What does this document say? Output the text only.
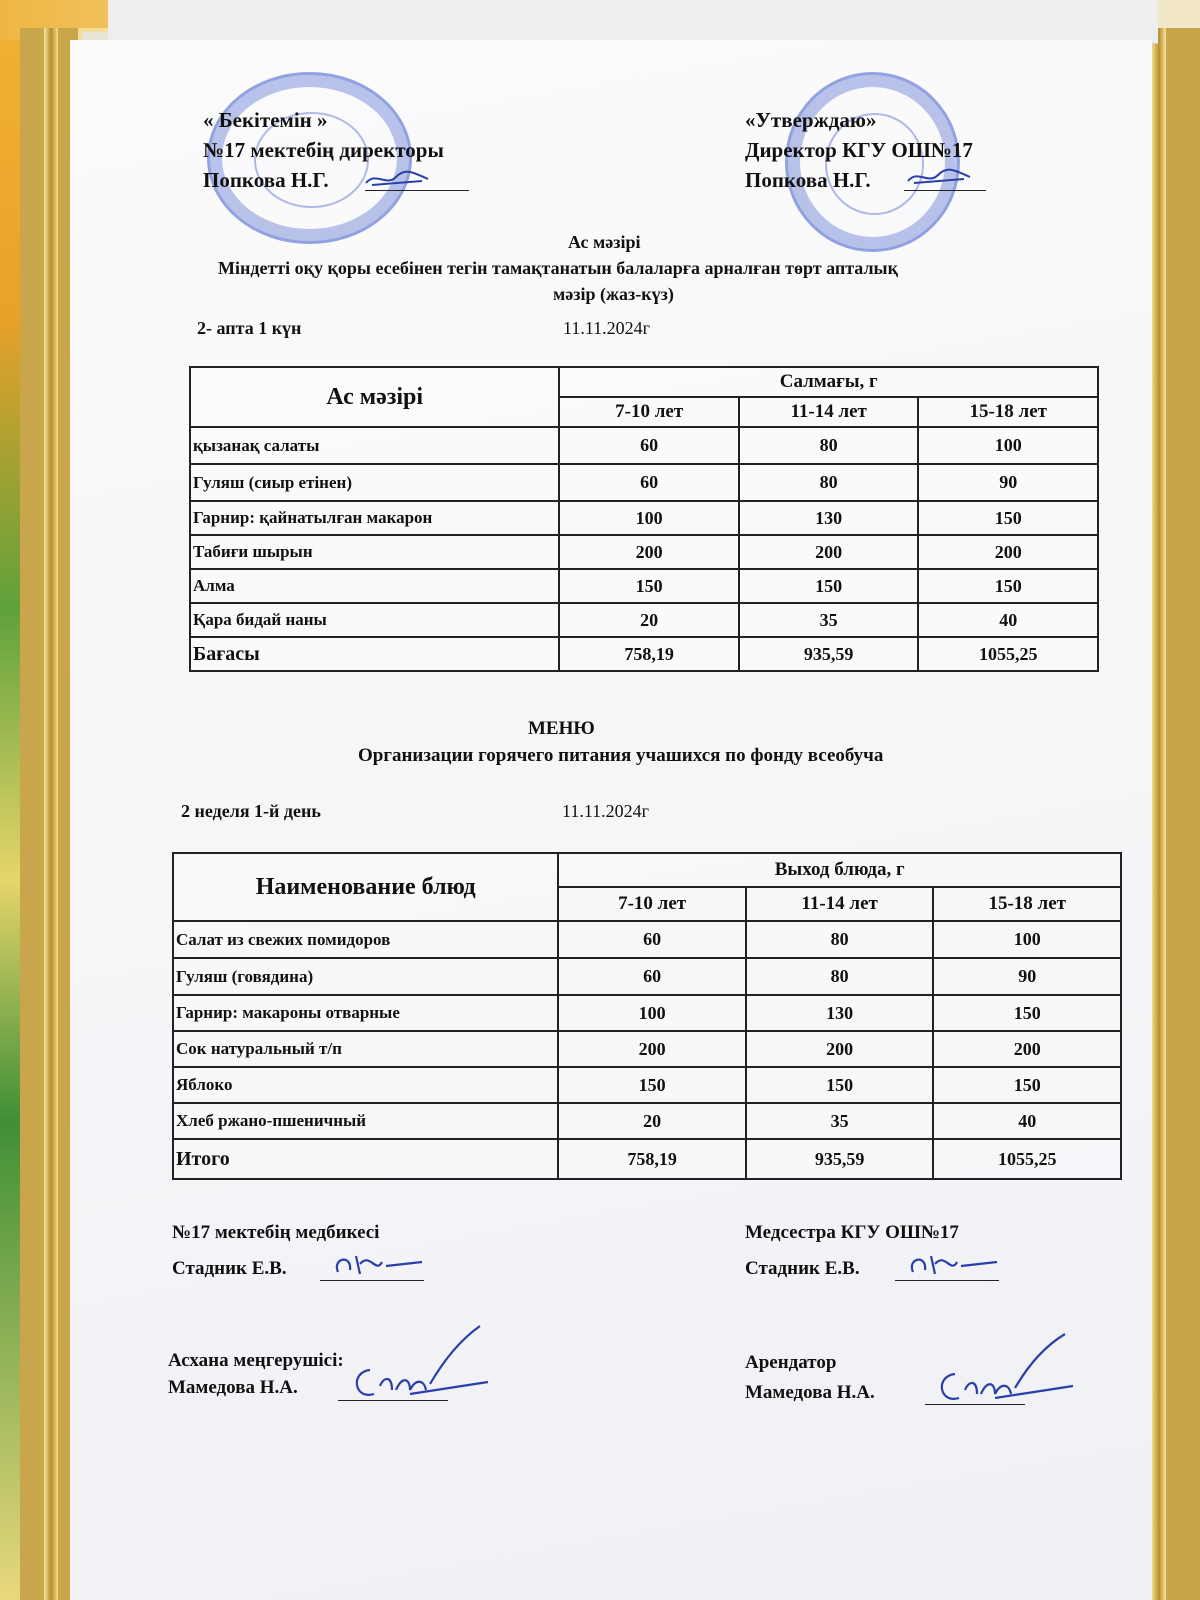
« Бекітемін »
№17 мектебің директоры
Попкова Н.Г.
«Утверждаю»
Директор КГУ ОШ№17
Попкова Н.Г.
Ас мәзірі
Міндетті оқу қоры есебінен тегін тамақтанатын балаларға арналған төрт апталық
мәзір (жаз-күз)
2- апта 1 күн	11.11.2024г
Ас мәзірі	Салмағы, г		
	7-10 лет	11-14 лет	15-18 лет
қызанақ салаты	60	80	100
Гуляш (сиыр етінен)	60	80	90
Гарнир: қайнатылған макарон	100	130	150
Табиғи шырын	200	200	200
Алма	150	150	150
Қара бидай наны	20	35	40
Бағасы	758,19	935,59	1055,25
МЕНЮ
Организации горячего питания учашихся по фонду всеобуча
2 неделя 1-й день	11.11.2024г
Наименование блюд	Выход блюда, г		
	7-10 лет	11-14 лет	15-18 лет
Салат из свежих помидоров	60	80	100
Гуляш (говядина)	60	80	90
Гарнир: макароны отварные	100	130	150
Сок натуральный т/п	200	200	200
Яблоко	150	150	150
Хлеб ржано-пшеничный	20	35	40
Итого	758,19	935,59	1055,25
№17 мектебің медбикесі
Стадник Е.В.
Медсестра КГУ ОШ№17
Стадник Е.В.
Асхана меңгерушісі:
Мамедова Н.А.
Арендатор
Мамедова Н.А.
